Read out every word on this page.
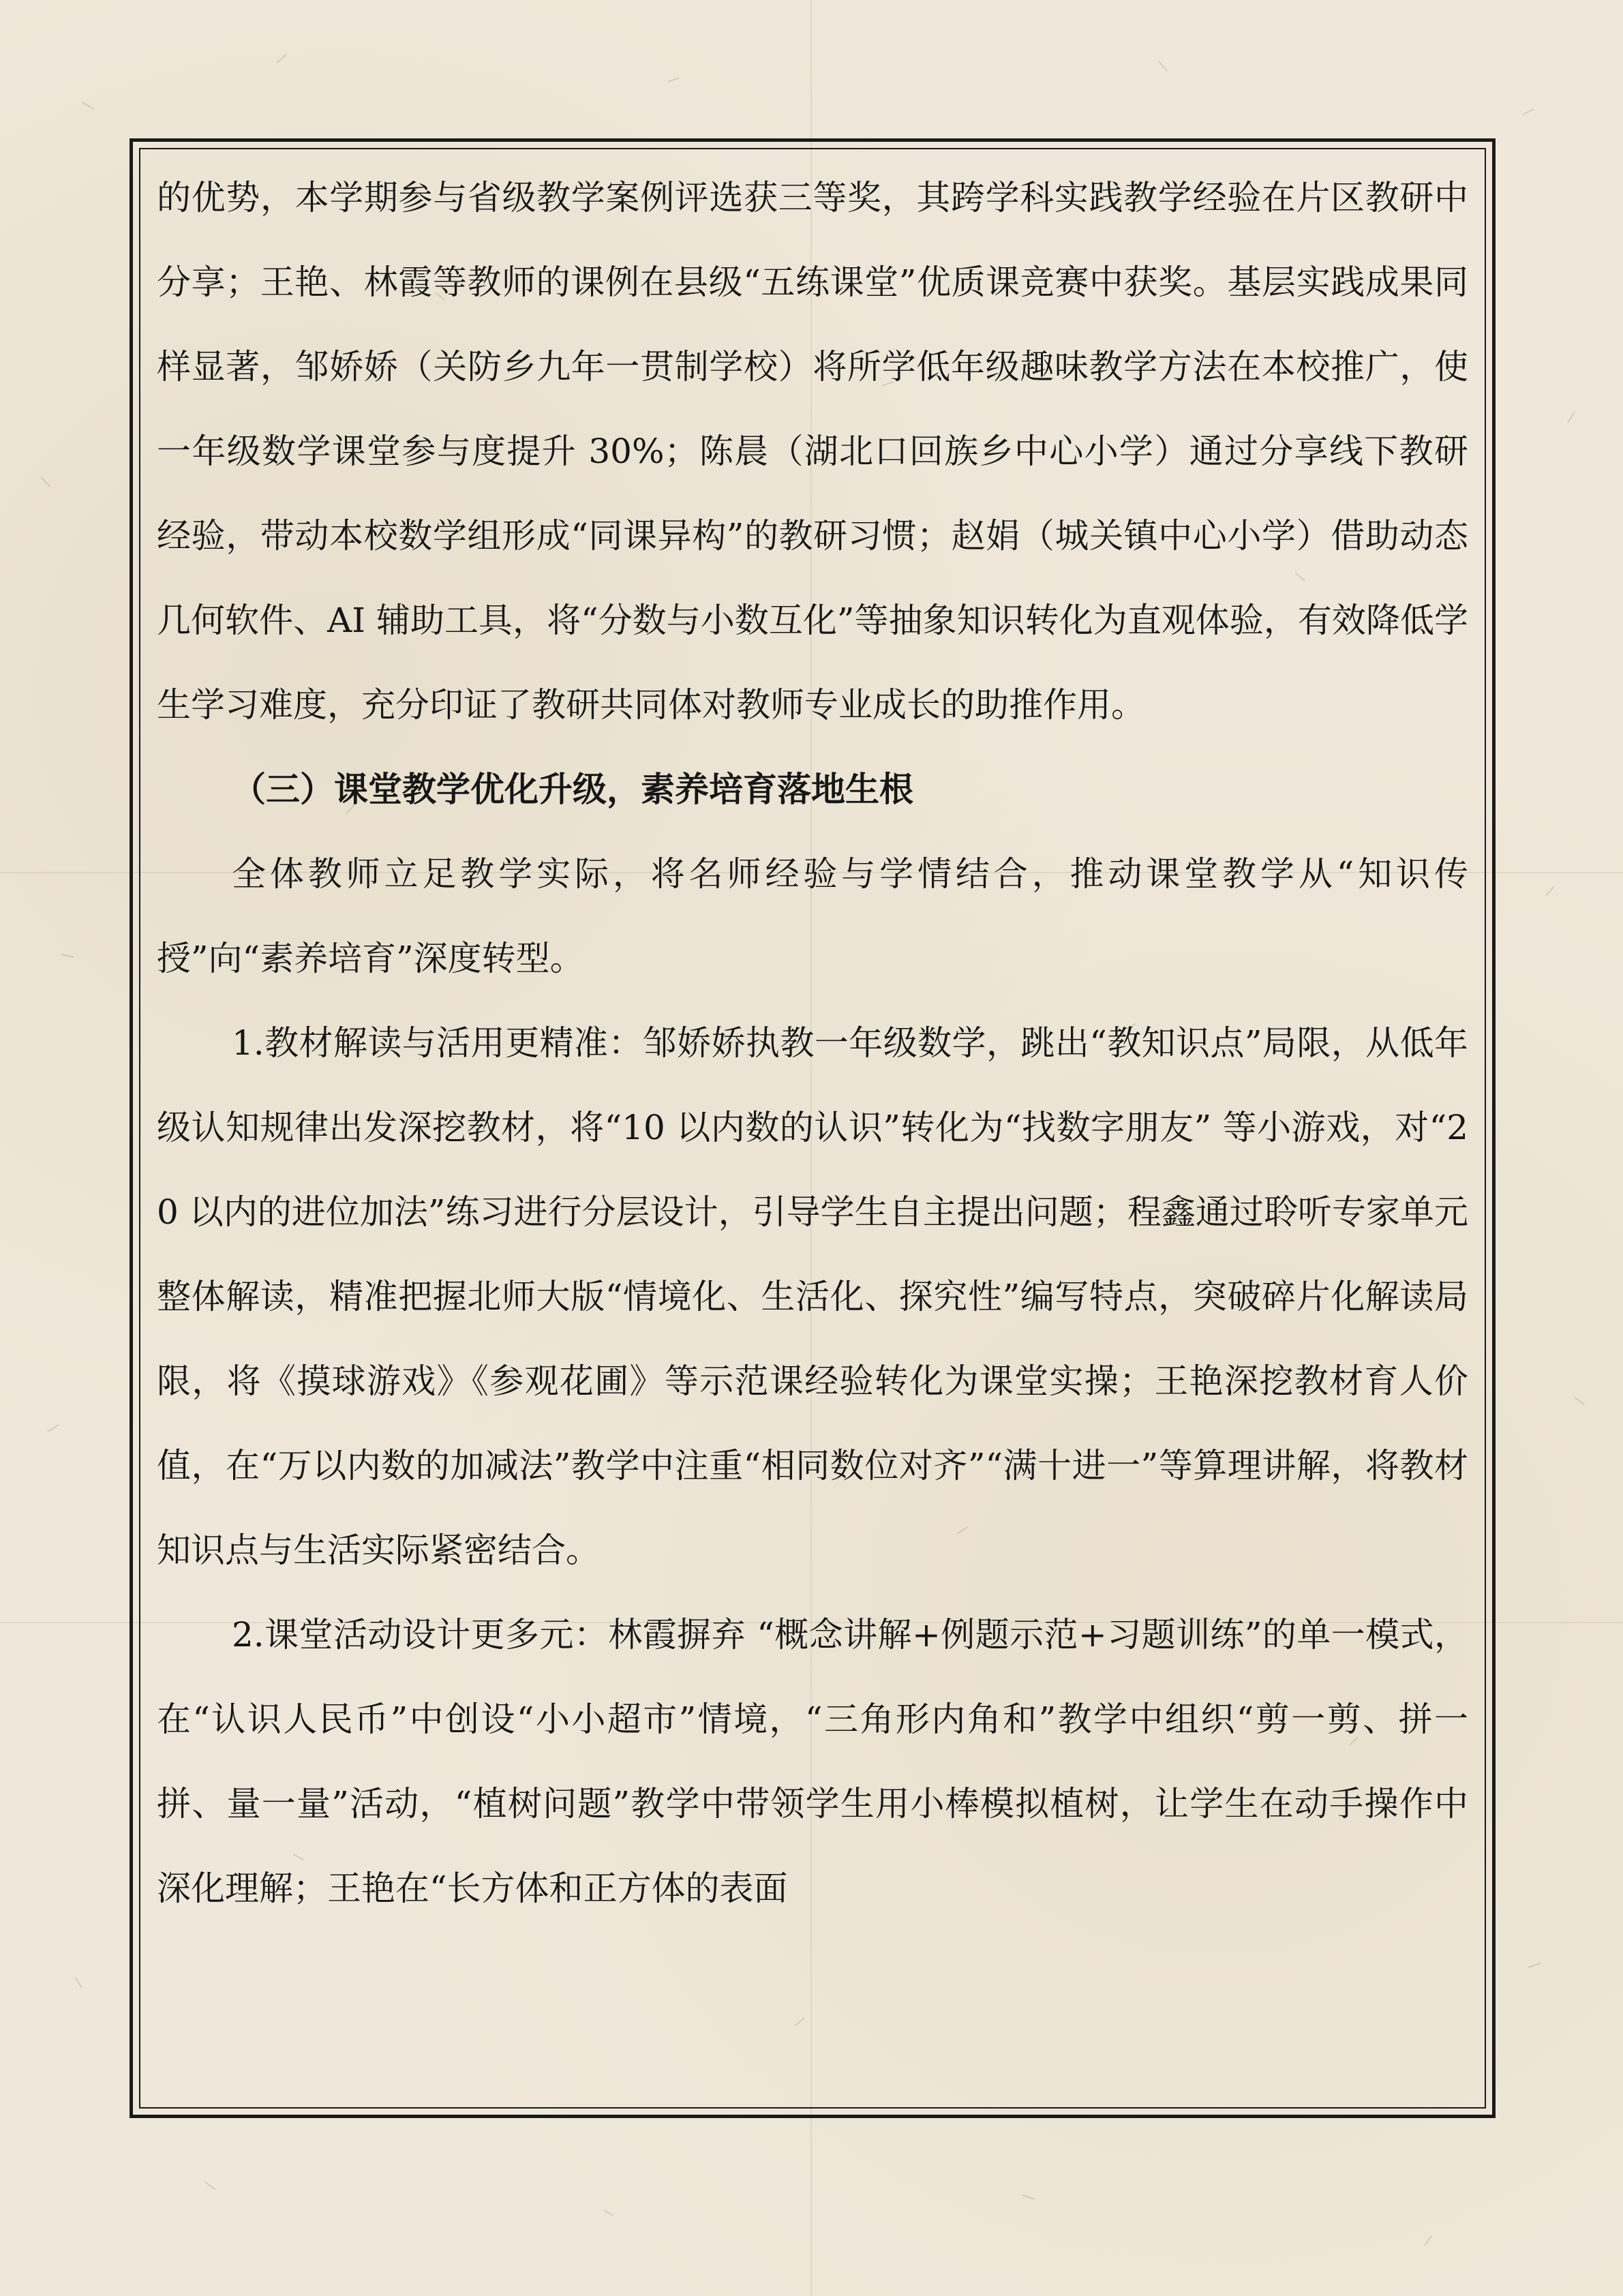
的优势，本学期参与省级教学案例评选获三等奖，其跨学科实践教学经验在片区教研中分享；王艳、林霞等教师的课例在县级“五练课堂”优质课竞赛中获奖。基层实践成果同样显著，邹娇娇（关防乡九年一贯制学校）将所学低年级趣味教学方法在本校推广，使一年级数学课堂参与度提升 30%；陈晨（湖北口回族乡中心小学）通过分享线下教研经验，带动本校数学组形成“同课异构”的教研习惯；赵娟（城关镇中心小学）借助动态几何软件、AI 辅助工具，将“分数与小数互化”等抽象知识转化为直观体验，有效降低学生学习难度，充分印证了教研共同体对教师专业成长的助推作用。

（三）课堂教学优化升级，素养培育落地生根

全体教师立足教学实际，将名师经验与学情结合，推动课堂教学从“知识传授”向“素养培育”深度转型。

1.教材解读与活用更精准：邹娇娇执教一年级数学，跳出“教知识点”局限，从低年级认知规律出发深挖教材，将“10 以内数的认识”转化为“找数字朋友” 等小游戏，对“20 以内的进位加法”练习进行分层设计，引导学生自主提出问题；程鑫通过聆听专家单元整体解读，精准把握北师大版“情境化、生活化、探究性”编写特点，突破碎片化解读局限，将《摸球游戏》《参观花圃》等示范课经验转化为课堂实操；王艳深挖教材育人价值，在“万以内数的加减法”教学中注重“相同数位对齐”“满十进一”等算理讲解，将教材知识点与生活实际紧密结合。

2.课堂活动设计更多元：林霞摒弃 “概念讲解+例题示范+习题训练”的单一模式，在“认识人民币”中创设“小小超市”情境，“三角形内角和”教学中组织“剪一剪、拼一拼、量一量”活动，“植树问题”教学中带领学生用小棒模拟植树，让学生在动手操作中深化理解；王艳在“长方体和正方体的表面
